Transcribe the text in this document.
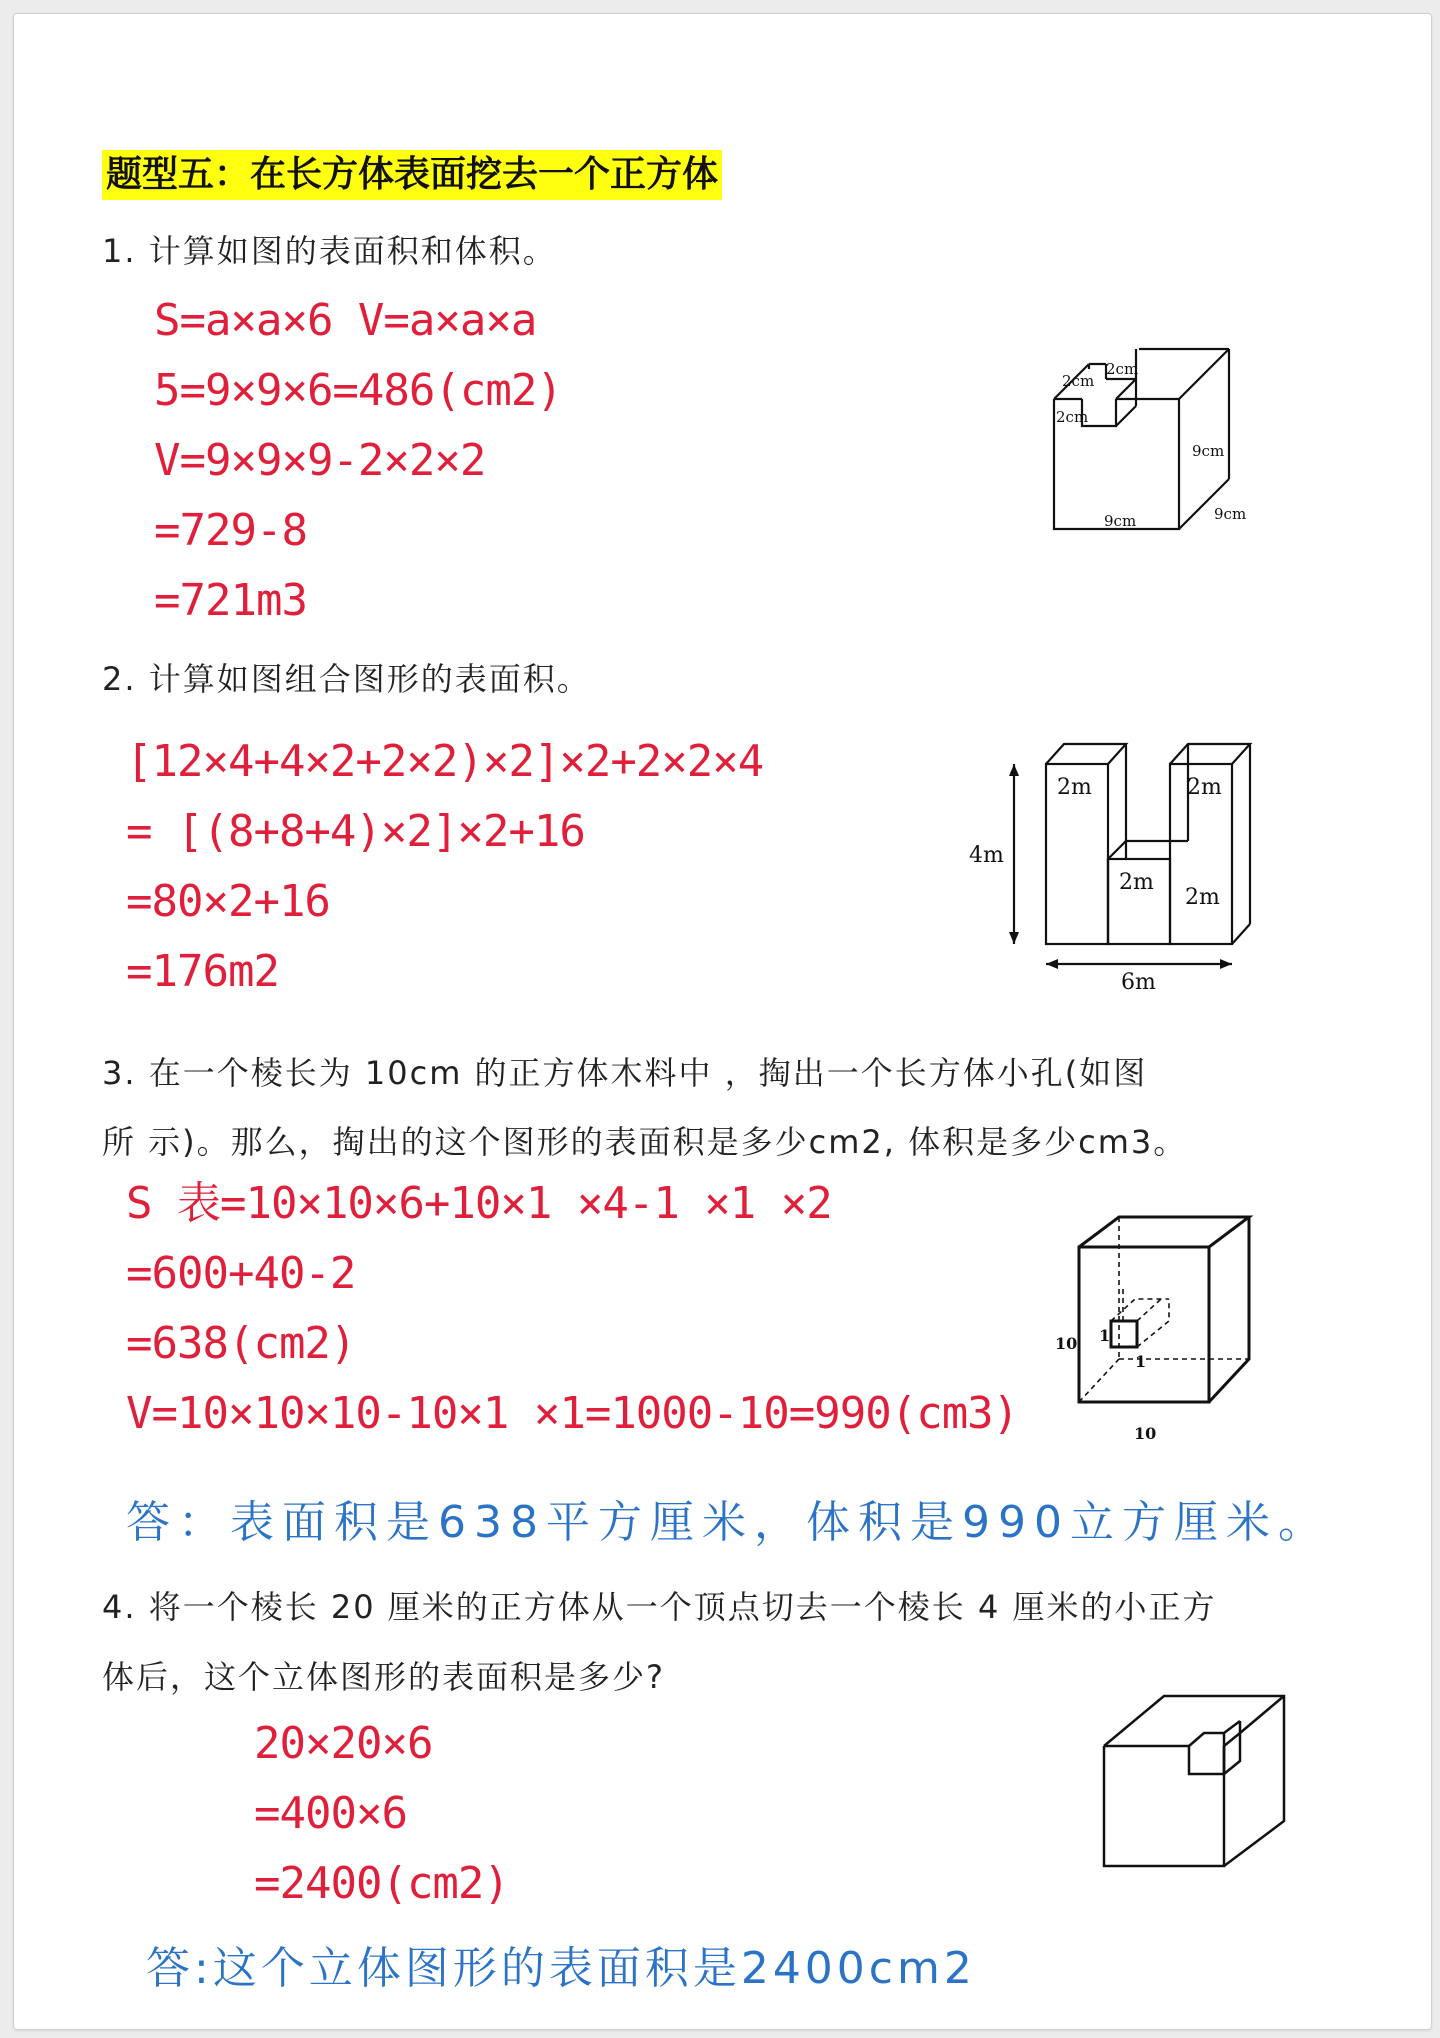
题型五：在长方体表面挖去一个正方体
1. 计算如图的表面积和体积。
S=a×a×6 V=a×a×a
5=9×9×6=486(cm2)
V=9×9×9-2×2×2
=729-8
=721m3
2cm
2cm
2cm
9cm
9cm	9cm
2. 计算如图组合图形的表面积。
[12×4+4×2+2×2)×2]×2+2×2×4
= [(8+8+4)×2]×2+16
=80×2+16
=176m2
2m	2m
2m
2m
4m
6m
3. 在一个棱长为 10cm 的正方体木料中 ，掏出一个长方体小孔(如图
所 示)。那么，掏出的这个图形的表面积是多少cm2, 体积是多少cm3。
S 表=10×10×6+10×1 ×4-1 ×1 ×2
=600+40-2
=638(cm2)
V=10×10×10-10×1 ×1=1000-10=990(cm3)
10
10
1
1
答：表面积是638平方厘米，体积是990立方厘米。
4. 将一个棱长 20 厘米的正方体从一个顶点切去一个棱长 4 厘米的小正方
体后，这个立体图形的表面积是多少?
20×20×6
=400×6
=2400(cm2)
答:这个立体图形的表面积是2400cm2
